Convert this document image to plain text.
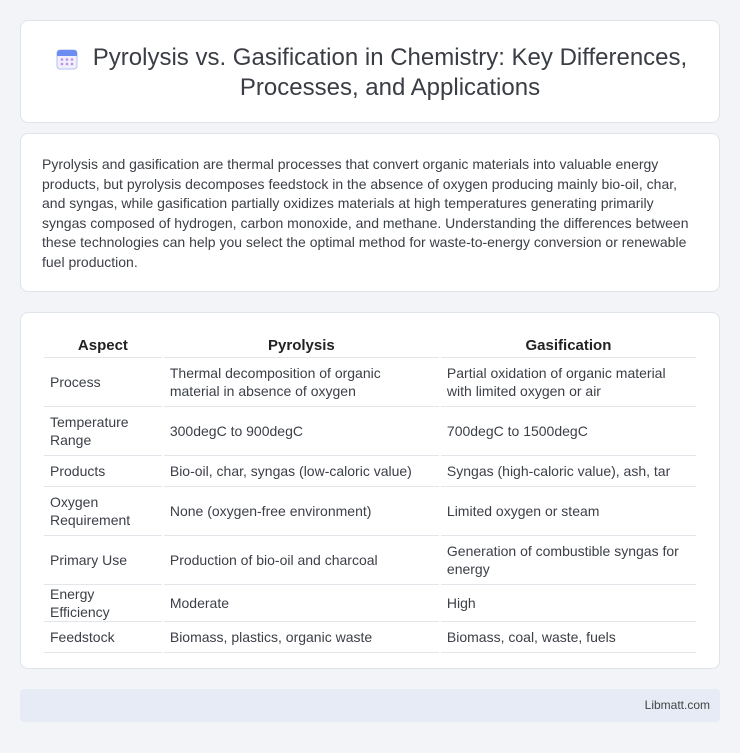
Pyrolysis vs. Gasification in Chemistry: Key Differences, Processes, and Applications

Pyrolysis and gasification are thermal processes that convert organic materials into valuable energy products, but pyrolysis decomposes feedstock in the absence of oxygen producing mainly bio-oil, char, and syngas, while gasification partially oxidizes materials at high temperatures generating primarily syngas composed of hydrogen, carbon monoxide, and methane. Understanding the differences between these technologies can help you select the optimal method for waste-to-energy conversion or renewable fuel production.

Aspect	Pyrolysis	Gasification
Process	Thermal decomposition of organic material in absence of oxygen	Partial oxidation of organic material with limited oxygen or air
Temperature Range	300degC to 900degC	700degC to 1500degC
Products	Bio-oil, char, syngas (low-caloric value)	Syngas (high-caloric value), ash, tar
Oxygen Requirement	None (oxygen-free environment)	Limited oxygen or steam
Primary Use	Production of bio-oil and charcoal	Generation of combustible syngas for energy
Energy Efficiency	Moderate	High
Feedstock	Biomass, plastics, organic waste	Biomass, coal, waste, fuels
Libmatt.com
